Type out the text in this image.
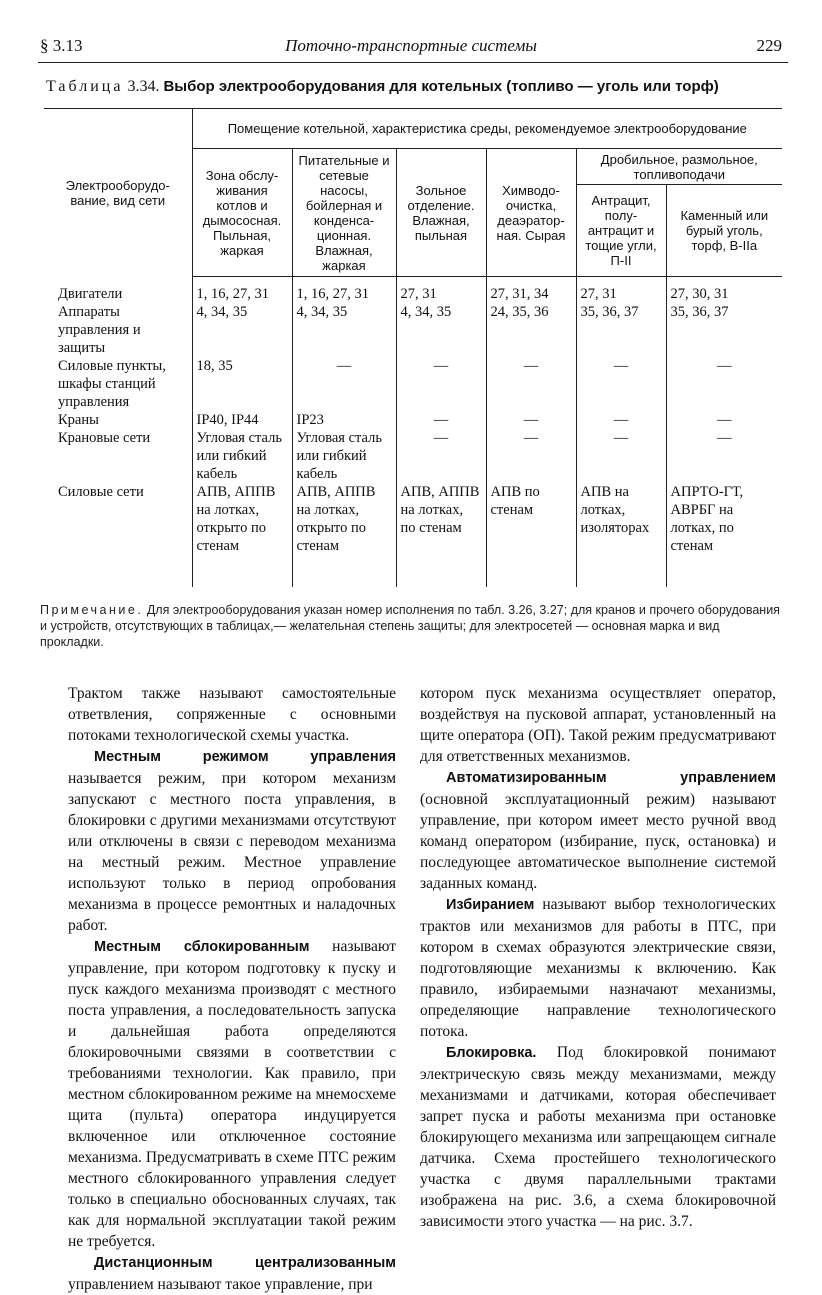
§ 3.13	Поточно-транспортные системы	229
Таблица 3.34. Выбор электрооборудования для котельных (топливо — уголь или торф)
Электрооборудо-вание, вид сети	Помещение котельной, характеристика среды, рекомендуемое электрооборудование					
	Зона обслу-живания котлов и дымососная. Пыльная, жаркая	Питательные и сетевые насосы, бойлерная и конденса-ционная. Влажная, жаркая	Зольное отделение. Влажная, пыльная	Химводо-очистка, деаэратор-ная. Сырая	Дробильное, размольное, топливоподачи	
					Антрацит, полу-антрацит и тощие угли, П-II	Каменный или бурый уголь, торф, В-IIа

Двигатели	1, 16, 27, 31	1, 16, 27, 31	27, 31	27, 31, 34	27, 31	27, 30, 31
Аппараты управления и защиты	4, 34, 35	4, 34, 35	4, 34, 35	24, 35, 36	35, 36, 37	35, 36, 37
Силовые пункты, шкафы станций управления	18, 35	—	—	—	—	—
Краны	IP40, IP44	IP23	—	—	—	—
Крановые сети	Угловая сталь или гибкий кабель	Угловая сталь или гибкий кабель	—	—	—	—
Силовые сети	АПВ, АППВ на лотках, открыто по стенам	АПВ, АППВ на лотках, открыто по стенам	АПВ, АППВ на лотках, по стенам	АПВ по стенам	АПВ на лотках, изоляторах	АПРТО-ГТ, АВРБГ на лотках, по стенам
Примечание. Для электрооборудования указан номер исполнения по табл. 3.26, 3.27; для кранов и прочего оборудования и устройств, отсутствующих в таблицах,— желательная степень защиты; для электросетей — основная марка и вид прокладки.

Трактом также называют самостоятельные ответвления, сопряженные с основными потоками технологической схемы участка.

Местным режимом управления называется режим, при котором механизм запускают с местного поста управления, в блокировки с другими механизмами отсутствуют или отключены в связи с переводом механизма на местный режим. Местное управление используют только в период опробования механизма в процессе ремонтных и наладочных работ.

Местным сблокированным называют управление, при котором подготовку к пуску и пуск каждого механизма производят с местного поста управления, а последовательность запуска и дальнейшая работа определяются блокировочными связями в соответствии с требованиями технологии. Как правило, при местном сблокированном режиме на мнемосхеме щита (пульта) оператора индуцируется включенное или отключенное состояние механизма. Предусматривать в схеме ПТС режим местного сблокированного управления следует только в специально обоснованных случаях, так как для нормальной эксплуатации такой режим не требуется.

Дистанционным централизованным управлением называют такое управление, при

котором пуск механизма осуществляет оператор, воздействуя на пусковой аппарат, установленный на щите оператора (ОП). Такой режим предусматривают для ответственных механизмов.

Автоматизированным управлением (основной эксплуатационный режим) называют управление, при котором имеет место ручной ввод команд оператором (избирание, пуск, остановка) и последующее автоматическое выполнение системой заданных команд.

Избиранием называют выбор технологических трактов или механизмов для работы в ПТС, при котором в схемах образуются электрические связи, подготовляющие механизмы к включению. Как правило, избираемыми назначают механизмы, определяющие направление технологического потока.

Блокировка. Под блокировкой понимают электрическую связь между механизмами, между механизмами и датчиками, которая обеспечивает запрет пуска и работы механизма при остановке блокирующего механизма или запрещающем сигнале датчика. Схема простейшего технологического участка с двумя параллельными трактами изображена на рис. 3.6, а схема блокировочной зависимости этого участка — на рис. 3.7.
